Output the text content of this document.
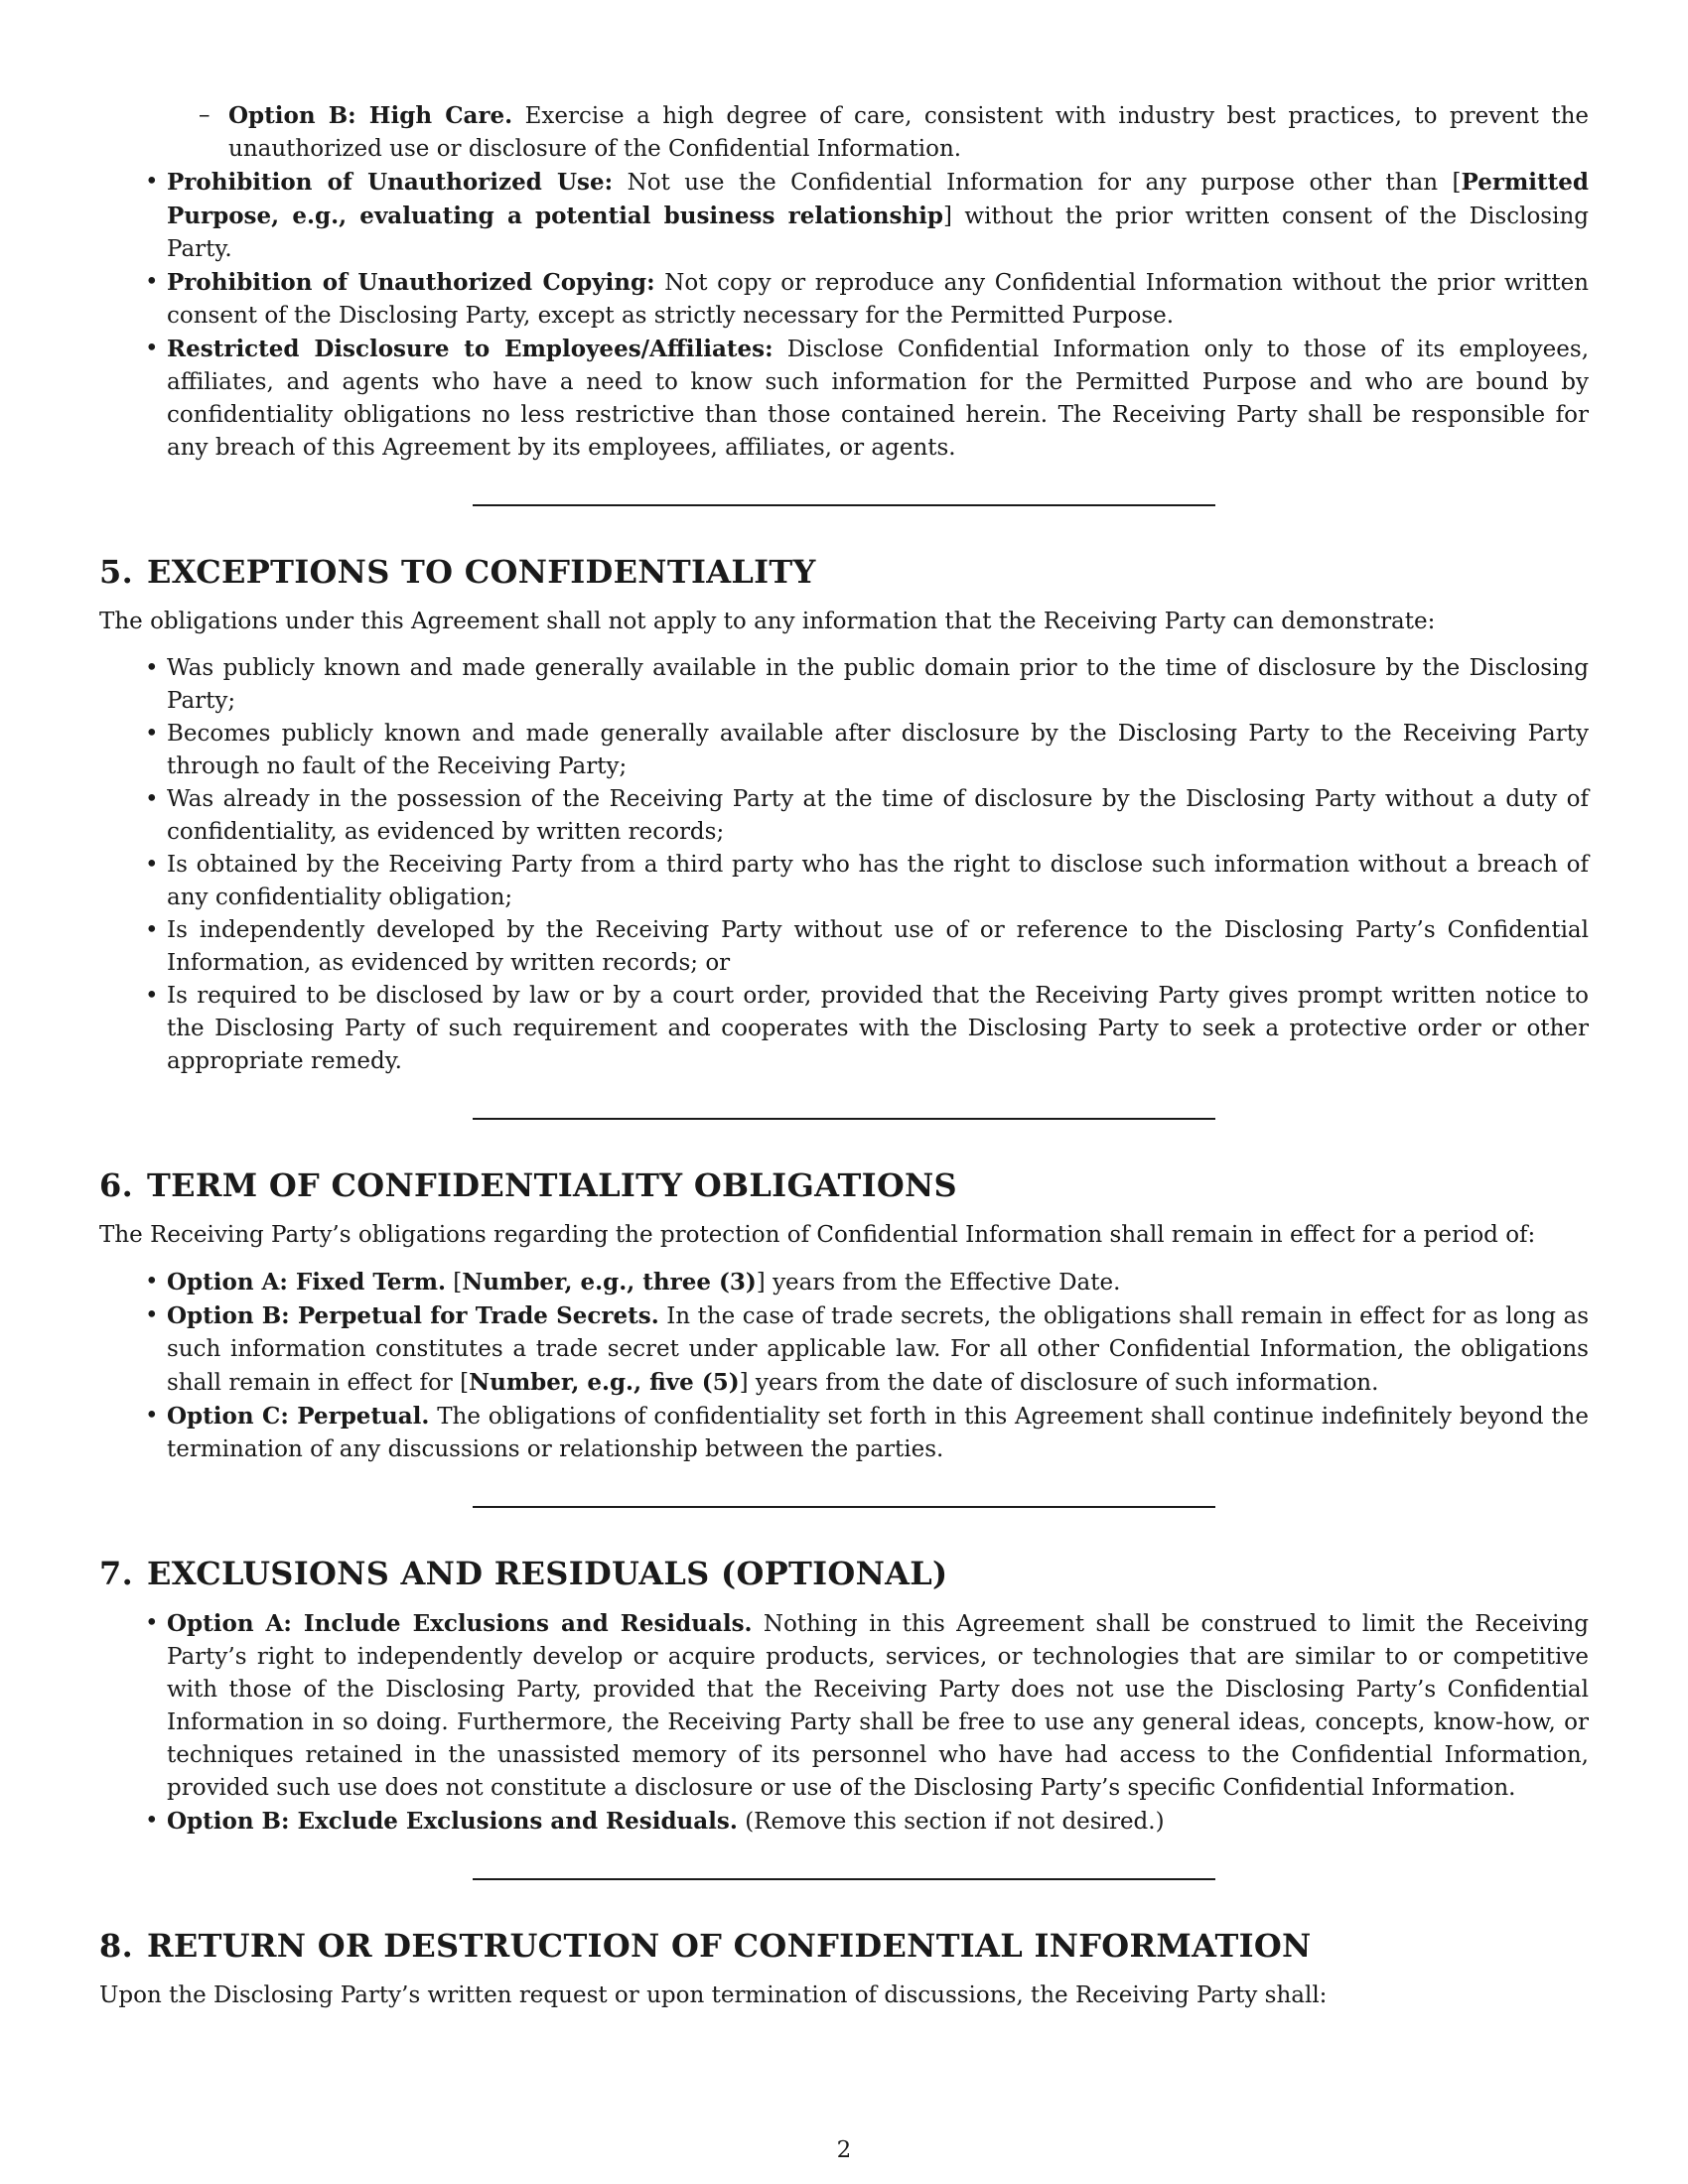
– Option B: High Care. Exercise a high degree of care, consistent with industry best practices, to prevent the unauthorized use or disclosure of the Confidential Information.
• Prohibition of Unauthorized Use: Not use the Confidential Information for any purpose other than [Permitted Purpose, e.g., evaluating a potential business relationship] without the prior written consent of the Disclosing Party.
• Prohibition of Unauthorized Copying: Not copy or reproduce any Confidential Information without the prior written consent of the Disclosing Party, except as strictly necessary for the Permitted Purpose.
• Restricted Disclosure to Employees/Affiliates: Disclose Confidential Information only to those of its employees, affiliates, and agents who have a need to know such information for the Permitted Purpose and who are bound by confidentiality obligations no less restrictive than those contained herein. The Receiving Party shall be responsible for any breach of this Agreement by its employees, affiliates, or agents.
5. EXCEPTIONS TO CONFIDENTIALITY

The obligations under this Agreement shall not apply to any information that the Receiving Party can demonstrate:

• Was publicly known and made generally available in the public domain prior to the time of disclosure by the Disclosing Party;
• Becomes publicly known and made generally available after disclosure by the Disclosing Party to the Receiving Party through no fault of the Receiving Party;
• Was already in the possession of the Receiving Party at the time of disclosure by the Disclosing Party without a duty of confidentiality, as evidenced by written records;
• Is obtained by the Receiving Party from a third party who has the right to disclose such information without a breach of any confidentiality obligation;
• Is independently developed by the Receiving Party without use of or reference to the Disclosing Party’s Confidential Information, as evidenced by written records; or
• Is required to be disclosed by law or by a court order, provided that the Receiving Party gives prompt written notice to the Disclosing Party of such requirement and cooperates with the Disclosing Party to seek a protective order or other appropriate remedy.
6. TERM OF CONFIDENTIALITY OBLIGATIONS

The Receiving Party’s obligations regarding the protection of Confidential Information shall remain in effect for a period of:

• Option A: Fixed Term. [Number, e.g., three (3)] years from the Effective Date.
• Option B: Perpetual for Trade Secrets. In the case of trade secrets, the obligations shall remain in effect for as long as such information constitutes a trade secret under applicable law. For all other Confidential Information, the obligations shall remain in effect for [Number, e.g., five (5)] years from the date of disclosure of such information.
• Option C: Perpetual. The obligations of confidentiality set forth in this Agreement shall continue indefinitely beyond the termination of any discussions or relationship between the parties.
7. EXCLUSIONS AND RESIDUALS (OPTIONAL)
• Option A: Include Exclusions and Residuals. Nothing in this Agreement shall be construed to limit the Receiving Party’s right to independently develop or acquire products, services, or technologies that are similar to or competitive with those of the Disclosing Party, provided that the Receiving Party does not use the Disclosing Party’s Confidential Information in so doing. Furthermore, the Receiving Party shall be free to use any general ideas, concepts, know-how, or techniques retained in the unassisted memory of its personnel who have had access to the Confidential Information, provided such use does not constitute a disclosure or use of the Disclosing Party’s specific Confidential Information.
• Option B: Exclude Exclusions and Residuals. (Remove this section if not desired.)
8. RETURN OR DESTRUCTION OF CONFIDENTIAL INFORMATION

Upon the Disclosing Party’s written request or upon termination of discussions, the Receiving Party shall:

2
